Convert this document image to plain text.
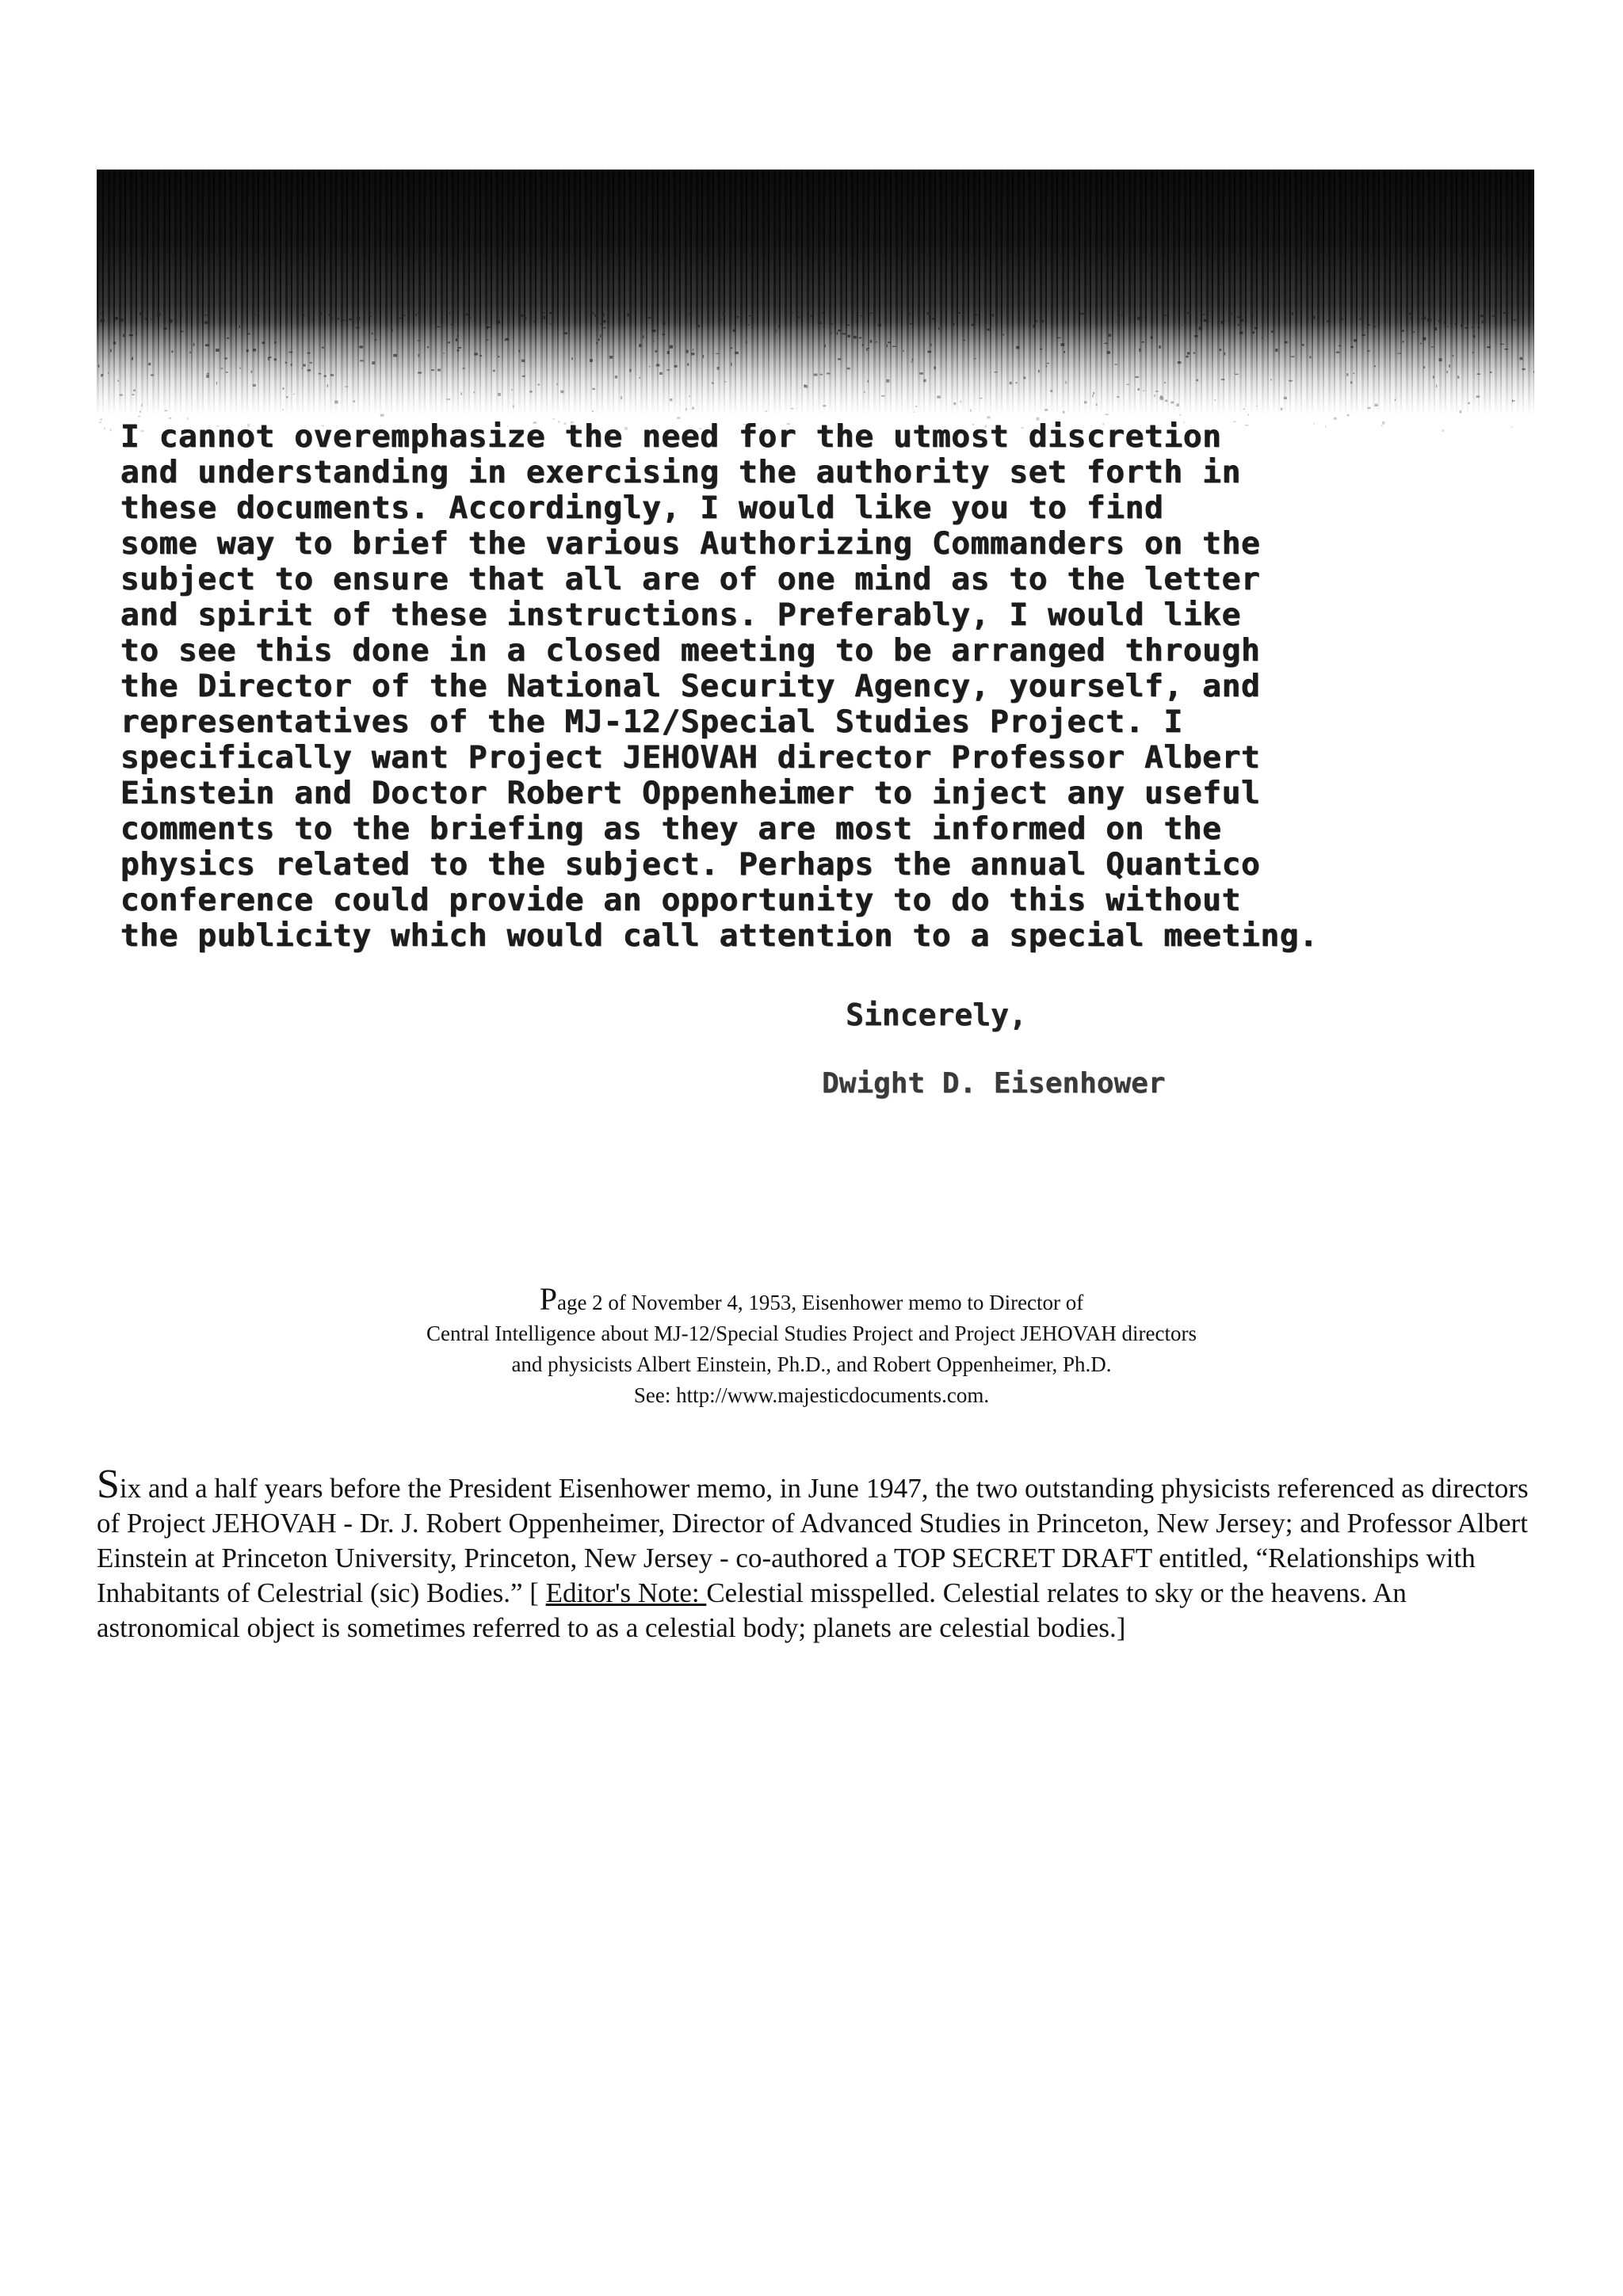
I cannot overemphasize the need for the utmost discretion
and understanding in exercising the authority set forth in
these documents. Accordingly, I would like you to find
some way to brief the various Authorizing Commanders on the
subject to ensure that all are of one mind as to the letter
and spirit of these instructions. Preferably, I would like
to see this done in a closed meeting to be arranged through
the Director of the National Security Agency, yourself, and
representatives of the MJ-12/Special Studies Project. I
specifically want Project JEHOVAH director Professor Albert
Einstein and Doctor Robert Oppenheimer to inject any useful
comments to the briefing as they are most informed on the
physics related to the subject. Perhaps the annual Quantico
conference could provide an opportunity to do this without
the publicity which would call attention to a special meeting.
Sincerely,
Dwight D. Eisenhower
Page 2 of November 4, 1953, Eisenhower memo to Director of
Central Intelligence about MJ-12/Special Studies Project and Project JEHOVAH directors
and physicists Albert Einstein, Ph.D., and Robert Oppenheimer, Ph.D.
See: http://www.majesticdocuments.com.
Six and a half years before the President Eisenhower memo, in June 1947, the two outstanding physicists referenced as directors of Project JEHOVAH - Dr. J. Robert Oppenheimer, Director of Advanced Studies in Princeton, New Jersey; and Professor Albert Einstein at Princeton University, Princeton, New Jersey - co-authored a TOP SECRET DRAFT entitled, “Relationships with Inhabitants of Celestrial (sic) Bodies.” [ Editor's Note: Celestial misspelled. Celestial relates to sky or the heavens. An astronomical object is sometimes referred to as a celestial body; planets are celestial bodies.]
